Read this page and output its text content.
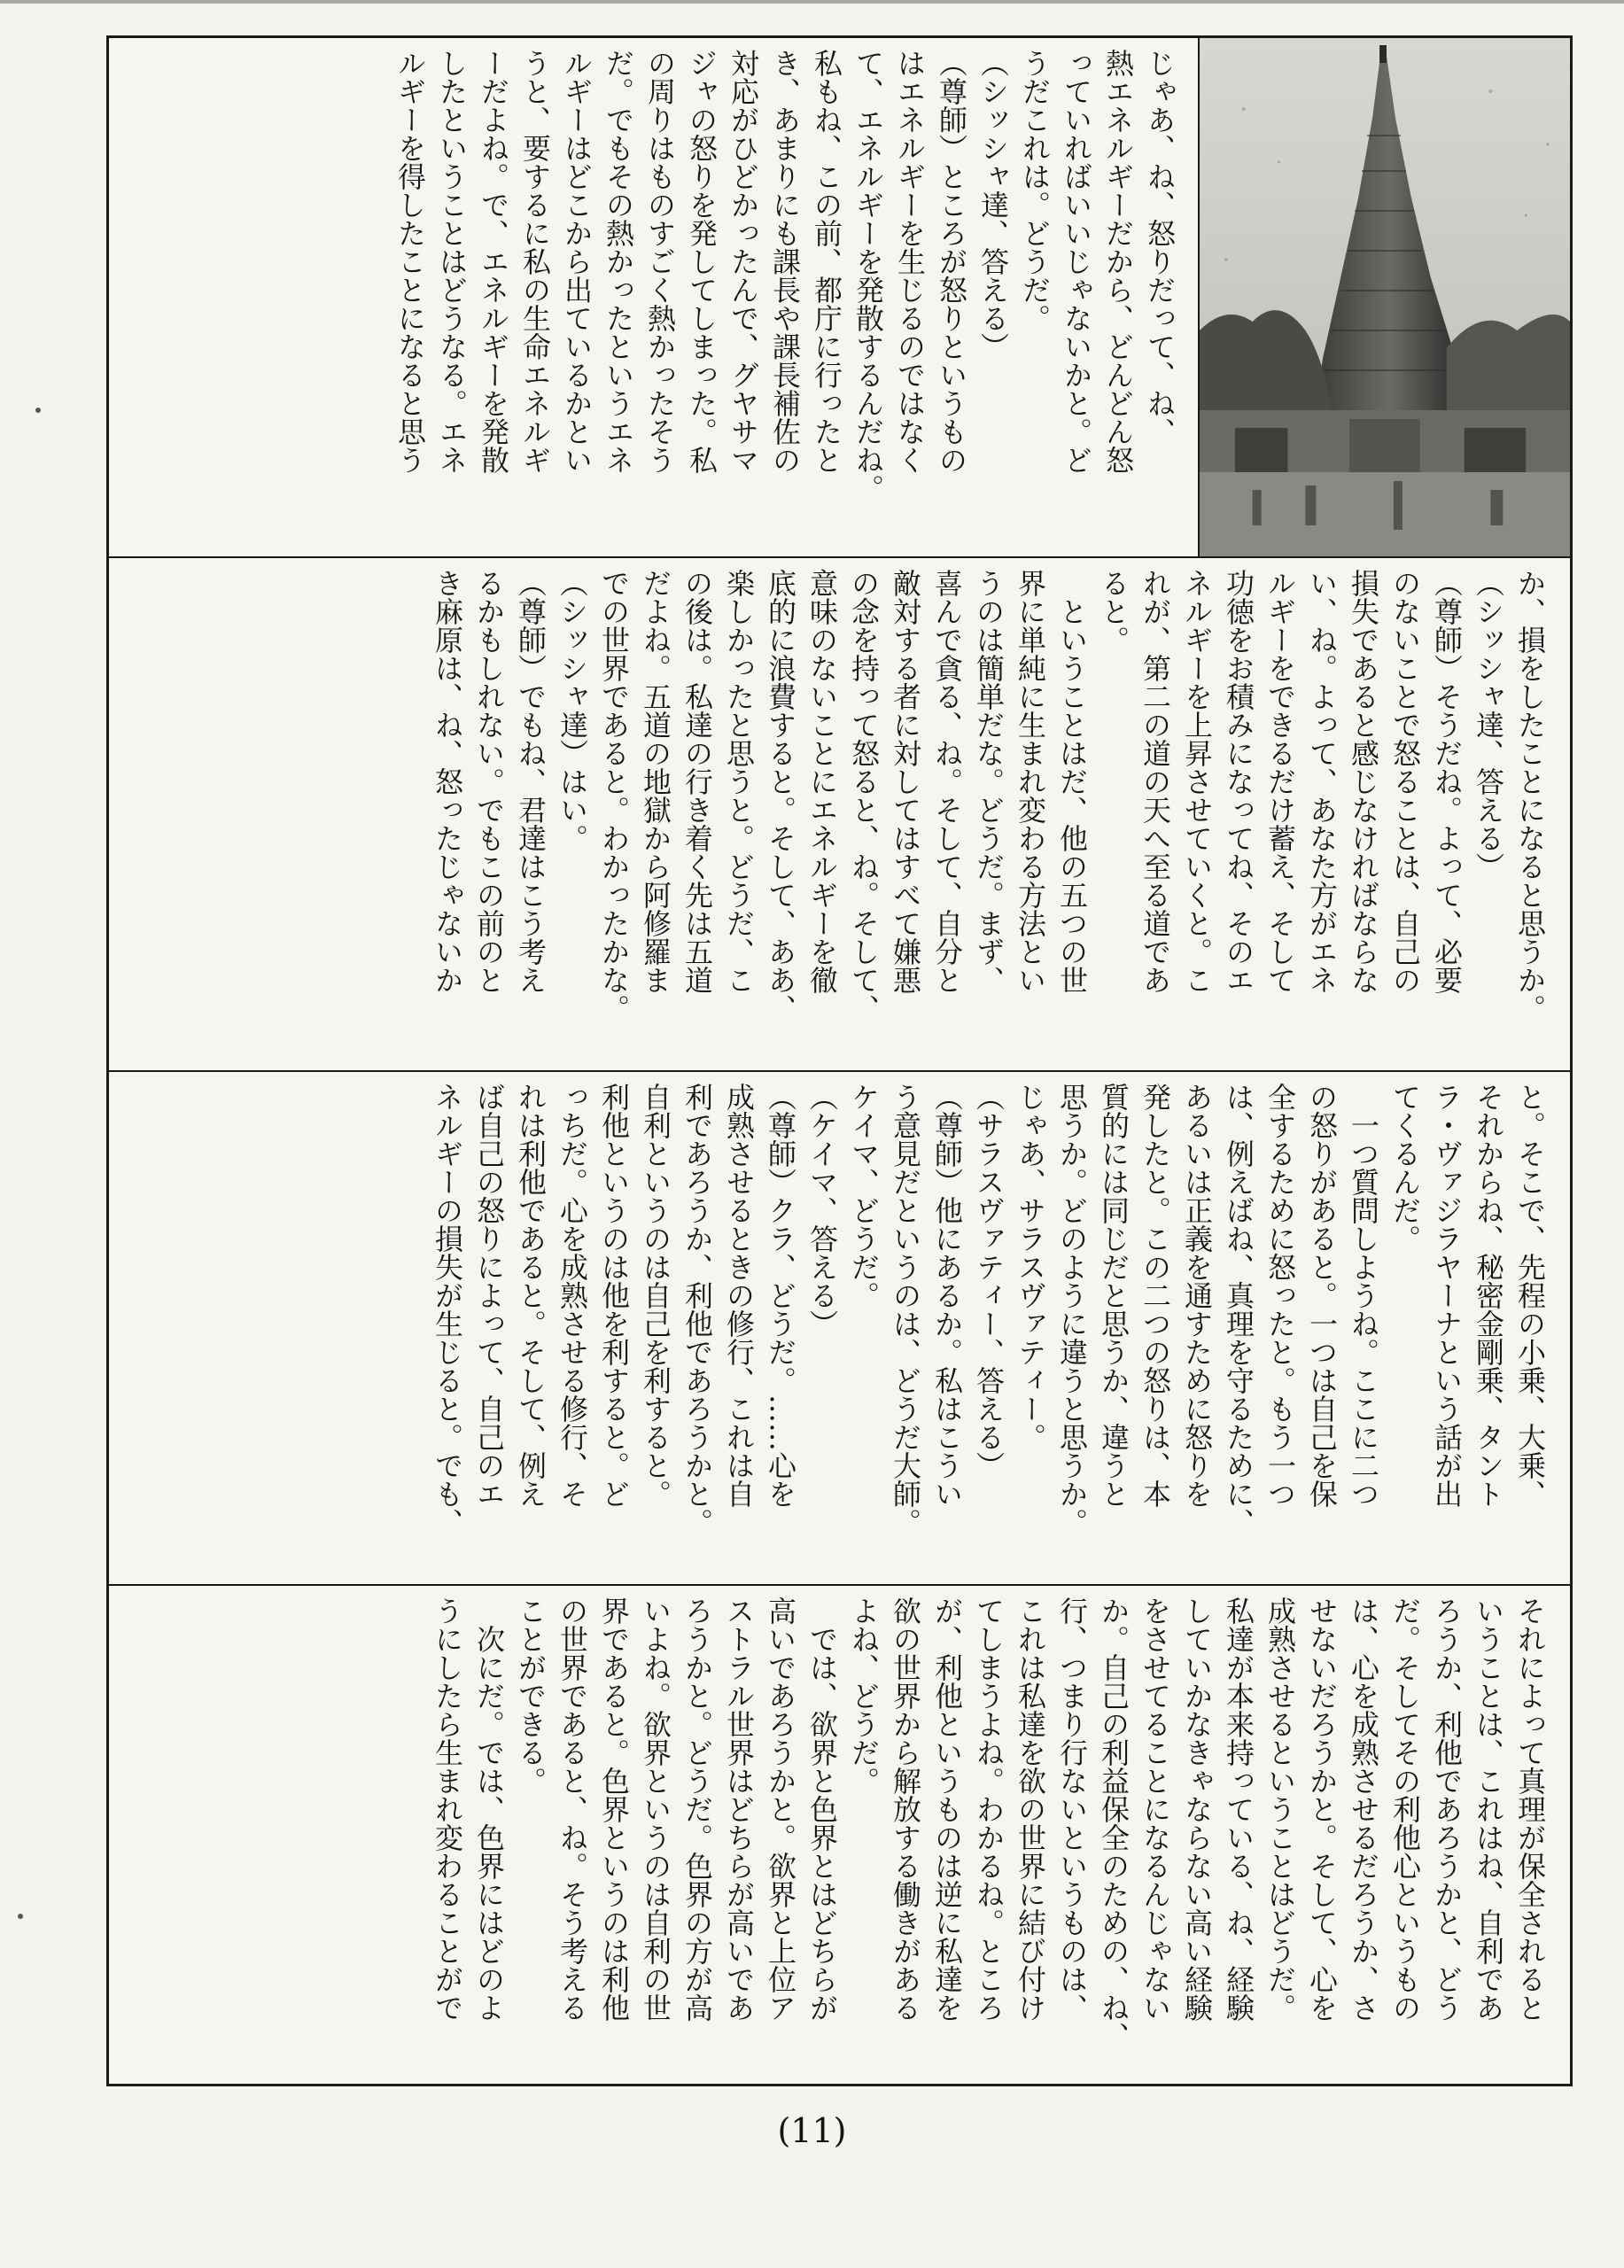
じゃあ、ね、怒りだって、ね、
熱エネルギーだから、どんどん怒
っていればいいじゃないかと。ど
うだこれは。どうだ。
（シッシャ達、答える）
（尊師）ところが怒りというもの
はエネルギーを生じるのではなく
て、エネルギーを発散するんだね。
私もね、この前、都庁に行ったと
き、あまりにも課長や課長補佐の
対応がひどかったんで、グヤサマ
ジャの怒りを発してしまった。私
の周りはものすごく熱かったそう
だ。でもその熱かったというエネ
ルギーはどこから出ているかとい
うと、要するに私の生命エネルギ
ーだよね。で、エネルギーを発散
したということはどうなる。エネ
ルギーを得したことになると思う
か、損をしたことになると思うか。
（シッシャ達、答える）
（尊師）そうだね。よって、必要
のないことで怒ることは、自己の
損失であると感じなければならな
い、ね。よって、あなた方がエネ
ルギーをできるだけ蓄え、そして
功徳をお積みになってね、そのエ
ネルギーを上昇させていくと。こ
れが、第二の道の天へ至る道であ
ると。
　ということはだ、他の五つの世
界に単純に生まれ変わる方法とい
うのは簡単だな。どうだ。まず、
喜んで貪る、ね。そして、自分と
敵対する者に対してはすべて嫌悪
の念を持って怒ると、ね。そして、
意味のないことにエネルギーを徹
底的に浪費すると。そして、ああ、
楽しかったと思うと。どうだ、こ
の後は。私達の行き着く先は五道
だよね。五道の地獄から阿修羅ま
での世界であると。わかったかな。
（シッシャ達）はい。
（尊師）でもね、君達はこう考え
るかもしれない。でもこの前のと
き麻原は、ね、怒ったじゃないか
と。そこで、先程の小乗、大乗、
それからね、秘密金剛乗、タント
ラ・ヴァジラヤーナという話が出
てくるんだ。
　一つ質問しようね。ここに二つ
の怒りがあると。一つは自己を保
全するために怒ったと。もう一つ
は、例えばね、真理を守るために、
あるいは正義を通すために怒りを
発したと。この二つの怒りは、本
質的には同じだと思うか、違うと
思うか。どのように違うと思うか。
じゃあ、サラスヴァティー。
（サラスヴァティー、答える）
（尊師）他にあるか。私はこうい
う意見だというのは、どうだ大師。
ケイマ、どうだ。
（ケイマ、答える）
（尊師）クラ、どうだ。……心を
成熟させるときの修行、これは自
利であろうか、利他であろうかと。
自利というのは自己を利すると。
利他というのは他を利すると。ど
っちだ。心を成熟させる修行、そ
れは利他であると。そして、例え
ば自己の怒りによって、自己のエ
ネルギーの損失が生じると。でも、
それによって真理が保全されると
いうことは、これはね、自利であ
ろうか、利他であろうかと、どう
だ。そしてその利他心というもの
は、心を成熟させるだろうか、さ
せないだろうかと。そして、心を
成熟させるということはどうだ。
私達が本来持っている、ね、経験
していかなきゃならない高い経験
をさせてることになるんじゃない
か。自己の利益保全のための、ね、
行、つまり行ないというものは、
これは私達を欲の世界に結び付け
てしまうよね。わかるね。ところ
が、利他というものは逆に私達を
欲の世界から解放する働きがある
よね、どうだ。
　では、欲界と色界とはどちらが
高いであろうかと。欲界と上位ア
ストラル世界はどちらが高いであ
ろうかと。どうだ。色界の方が高
いよね。欲界というのは自利の世
界であると。色界というのは利他
の世界であると、ね。そう考える
ことができる。
　次にだ。では、色界にはどのよ
うにしたら生まれ変わることがで
(11)
